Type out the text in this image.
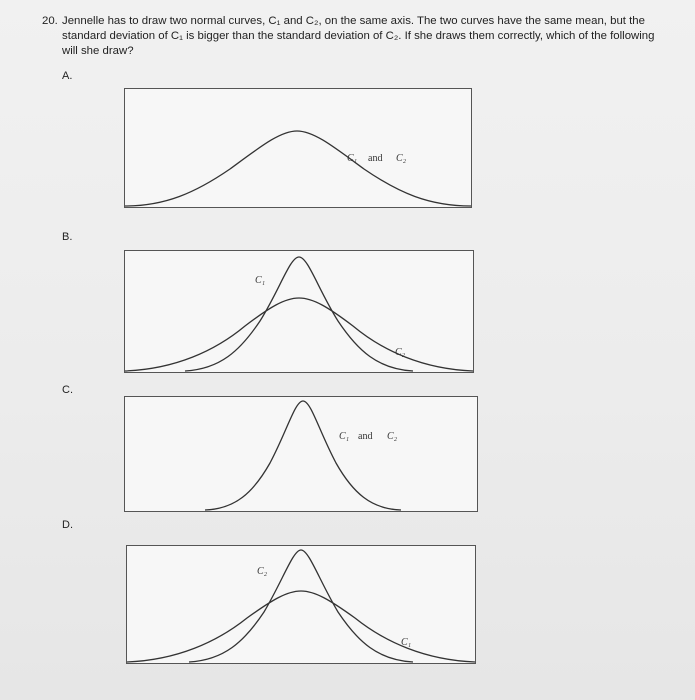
20. Jennelle has to draw two normal curves, C₁ and C₂, on the same axis. The two curves have the same mean, but the
standard deviation of C₁ is bigger than the standard deviation of C₂. If she draws them correctly, which of the following
will she draw?
A.
C₁ and C₂
B.
C₁
C₂
C.
C₁ and C₂
D.
C₂
C₁
